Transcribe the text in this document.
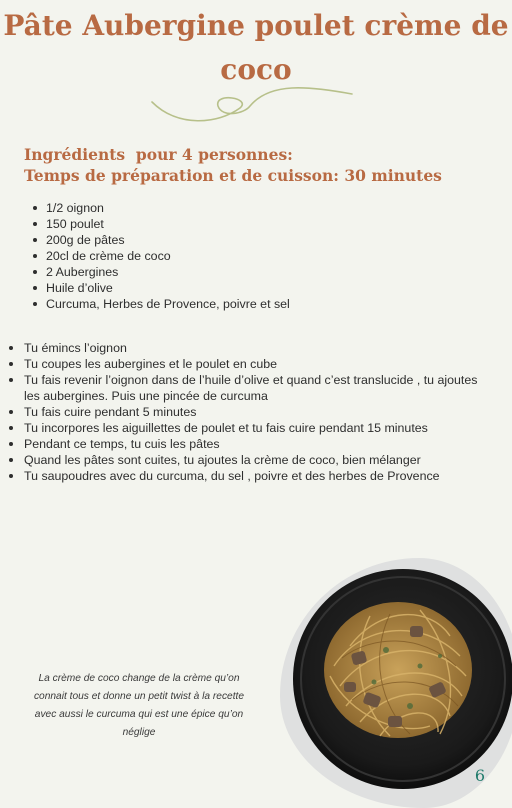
Pâte Aubergine poulet crème de
coco
Ingrédients  pour 4 personnes:
Temps de préparation et de cuisson: 30 minutes
1/2 oignon
150 poulet
200g de pâtes
20cl de crème de coco
2 Aubergines
Huile d’olive
Curcuma, Herbes de Provence, poivre et sel
Tu émincs l’oignon
Tu coupes les aubergines et le poulet en cube
Tu fais revenir l’oignon dans de l’huile d’olive et quand c’est translucide , tu ajoutes les aubergines. Puis une pincée de curcuma
Tu fais cuire pendant 5 minutes
Tu incorpores les aiguillettes de poulet et tu fais cuire pendant 15 minutes
Pendant ce temps, tu cuis les pâtes
Quand les pâtes sont cuites, tu ajoutes la crème de coco, bien mélanger
Tu saupoudres avec du curcuma, du sel , poivre et des herbes de Provence
La crème de coco change de la crème qu’on
connait tous et donne un petit twist à la recette
avec aussi le curcuma qui est une épice qu’on
néglige
6
